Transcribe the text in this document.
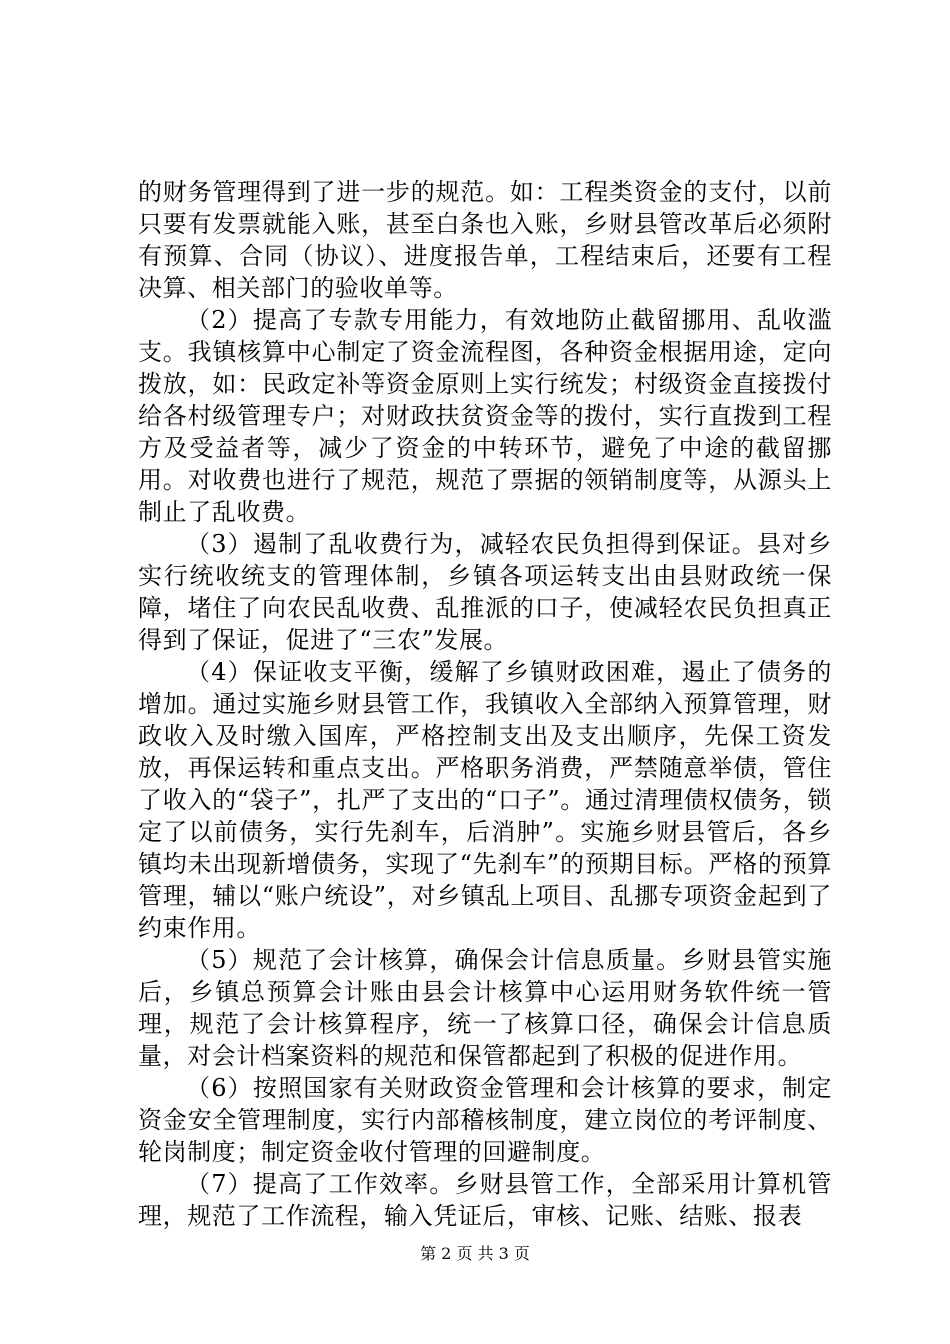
的财务管理得到了进一步的规范。如：工程类资金的支付，以前只要有发票就能入账，甚至白条也入账，乡财县管改革后必须附有预算、合同（协议）、进度报告单，工程结束后，还要有工程决算、相关部门的验收单等。

（2）提高了专款专用能力，有效地防止截留挪用、乱收滥支。我镇核算中心制定了资金流程图，各种资金根据用途，定向拨放，如：民政定补等资金原则上实行统发；村级资金直接拨付给各村级管理专户；对财政扶贫资金等的拨付，实行直拨到工程方及受益者等，减少了资金的中转环节，避免了中途的截留挪用。对收费也进行了规范，规范了票据的领销制度等，从源头上制止了乱收费。

（3）遏制了乱收费行为，减轻农民负担得到保证。县对乡实行统收统支的管理体制，乡镇各项运转支出由县财政统一保障，堵住了向农民乱收费、乱推派的口子，使减轻农民负担真正得到了保证，促进了“三农”发展。

（4）保证收支平衡，缓解了乡镇财政困难，遏止了债务的增加。通过实施乡财县管工作，我镇收入全部纳入预算管理，财政收入及时缴入国库，严格控制支出及支出顺序，先保工资发放，再保运转和重点支出。严格职务消费，严禁随意举债，管住了收入的“袋子”，扎严了支出的“口子”。通过清理债权债务，锁定了以前债务，实行先刹车，后消肿”。实施乡财县管后，各乡镇均未出现新增债务，实现了“先刹车”的预期目标。严格的预算管理，辅以“账户统设”，对乡镇乱上项目、乱挪专项资金起到了约束作用。

（5）规范了会计核算，确保会计信息质量。乡财县管实施后，乡镇总预算会计账由县会计核算中心运用财务软件统一管理，规范了会计核算程序，统一了核算口径，确保会计信息质量，对会计档案资料的规范和保管都起到了积极的促进作用。

（6）按照国家有关财政资金管理和会计核算的要求，制定资金安全管理制度，实行内部稽核制度，建立岗位的考评制度、轮岗制度；制定资金收付管理的回避制度。

（7）提高了工作效率。乡财县管工作，全部采用计算机管理，规范了工作流程，输入凭证后，审核、记账、结账、报表

第 2 页 共 3 页
